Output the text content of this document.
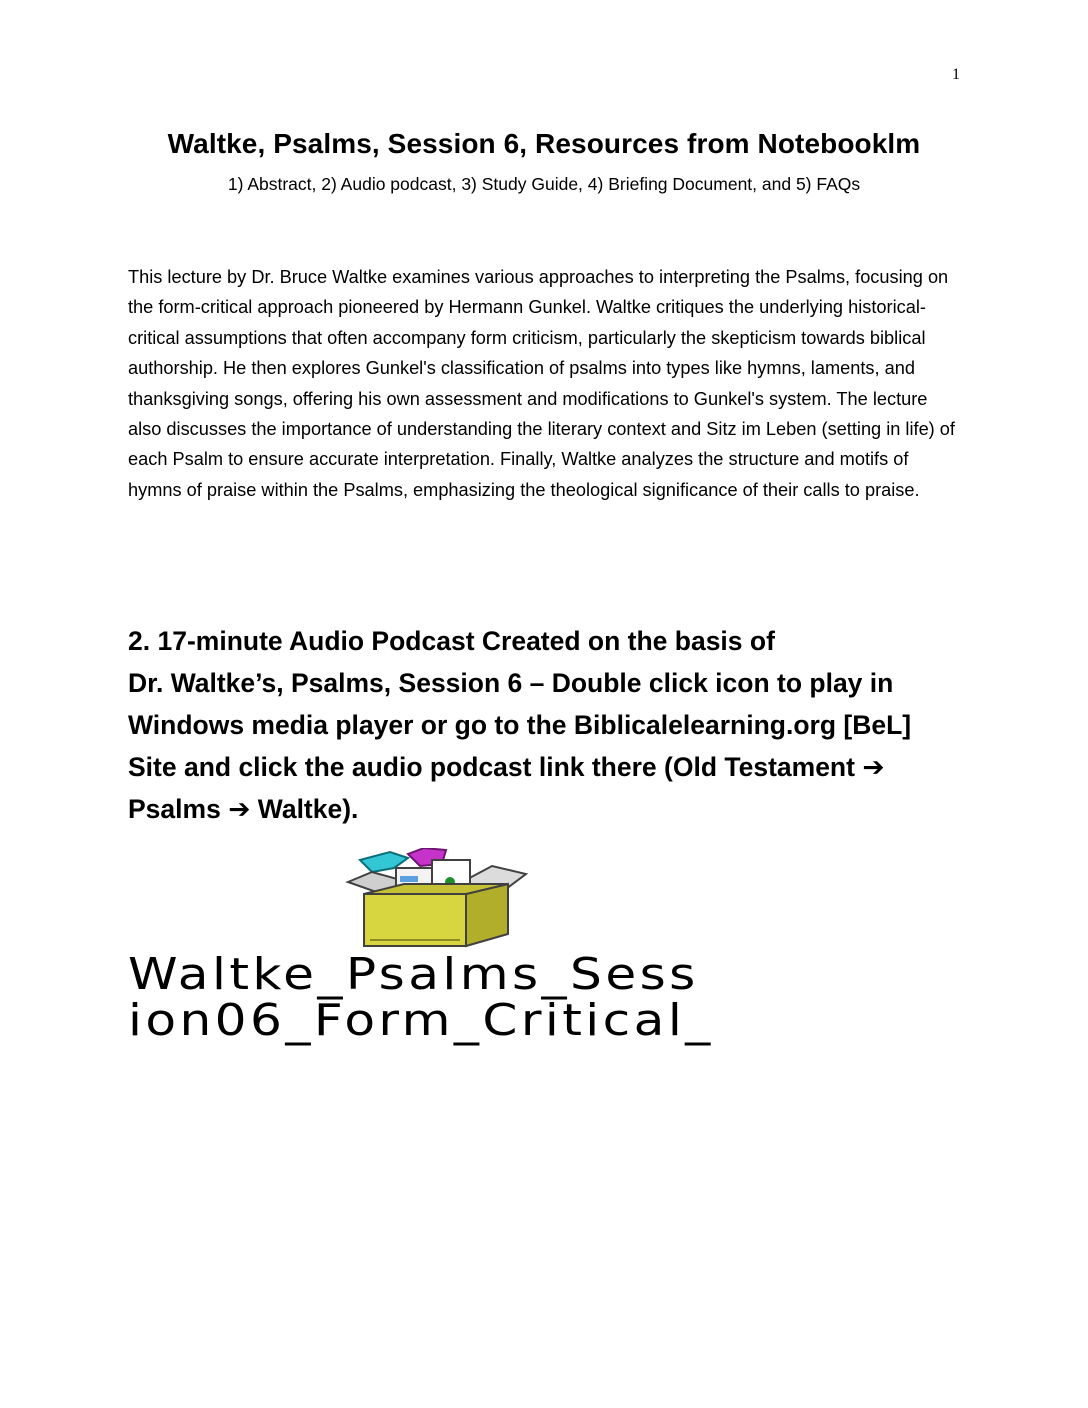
1
Waltke, Psalms, Session 6, Resources from Notebooklm
1) Abstract, 2) Audio podcast, 3) Study Guide, 4) Briefing Document, and 5) FAQs

This lecture by Dr. Bruce Waltke examines various approaches to interpreting the Psalms, focusing on the form-critical approach pioneered by Hermann Gunkel. Waltke critiques the underlying historical-critical assumptions that often accompany form criticism, particularly the skepticism towards biblical authorship. He then explores Gunkel's classification of psalms into types like hymns, laments, and thanksgiving songs, offering his own assessment and modifications to Gunkel's system. The lecture also discusses the importance of understanding the literary context and Sitz im Leben (setting in life) of each Psalm to ensure accurate interpretation. Finally, Waltke analyzes the structure and motifs of hymns of praise within the Psalms, emphasizing the theological significance of their calls to praise.

2. 17-minute Audio Podcast Created on the basis of
Dr. Waltke’s, Psalms, Session 6 – Double click icon to play in
Windows media player or go to the Biblicalelearning.org [BeL]
Site and click the audio podcast link there (Old Testament ➔
Psalms ➔ Waltke).
Waltke_Psalms_Sess
ion06_Form_Critical_
